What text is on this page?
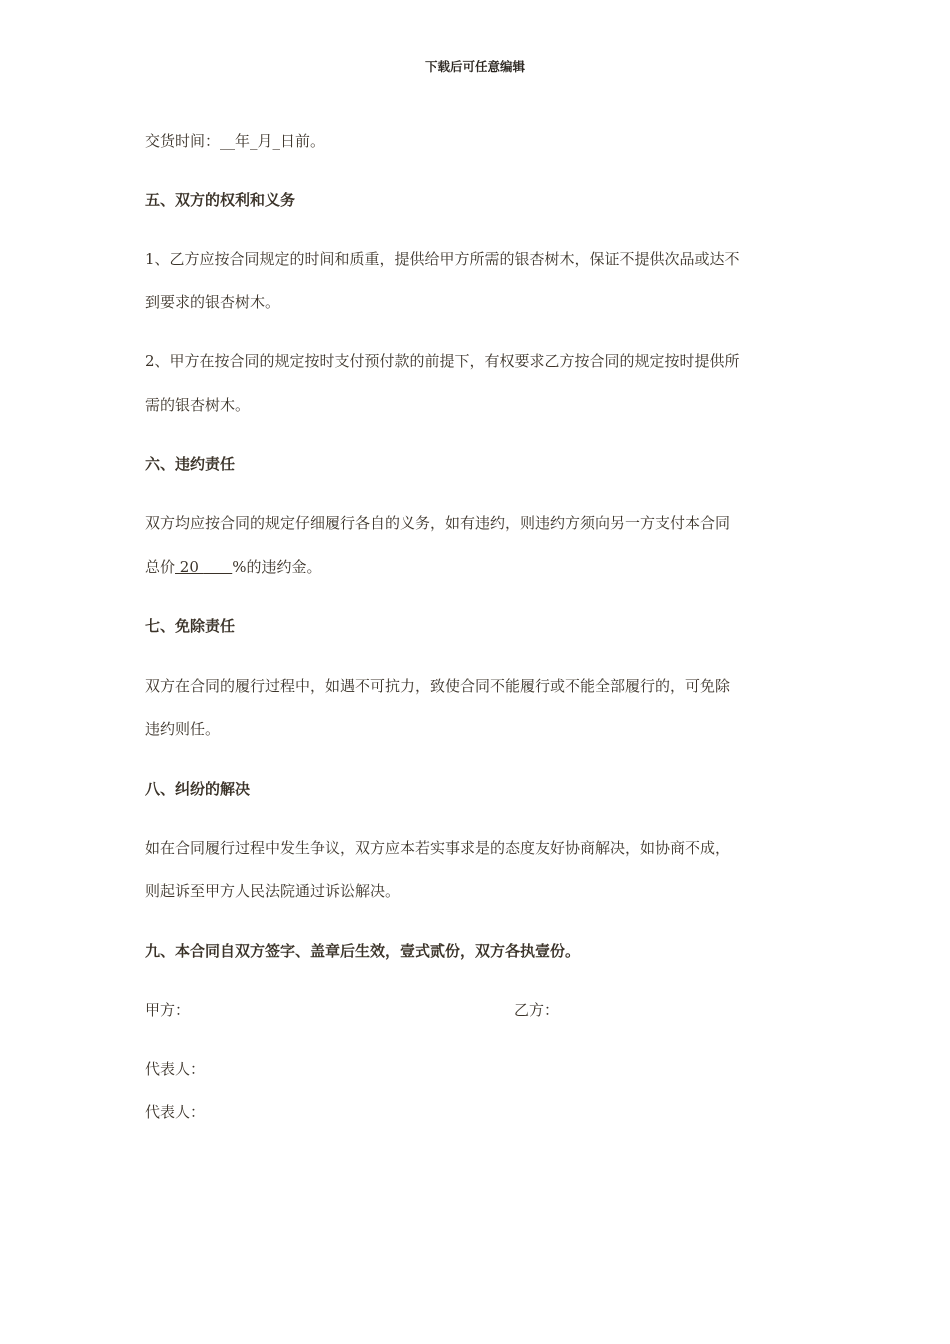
下载后可任意编辑
交货时间：__年_月_日前。
五、双方的权利和义务
1、乙方应按合同规定的时间和质重，提供给甲方所需的银杏树木，保证不提供次品或达不
到要求的银杏树木。
2、甲方在按合同的规定按时支付预付款的前提下，有权要求乙方按合同的规定按时提供所
需的银杏树木。
六、违约责任
双方均应按合同的规定仔细履行各自的义务，如有违约，则违约方须向另一方支付本合同
总价 20       %的违约金。
七、免除责任
双方在合同的履行过程中，如遇不可抗力，致使合同不能履行或不能全部履行的，可免除
违约则任。
八、纠纷的解决
如在合同履行过程中发生争议，双方应本若实事求是的态度友好协商解决，如协商不成，
则起诉至甲方人民法院通过诉讼解决。
九、本合同自双方签字、盖章后生效，壹式贰份，双方各执壹份。
甲方：	乙方：
代表人：
代表人：
